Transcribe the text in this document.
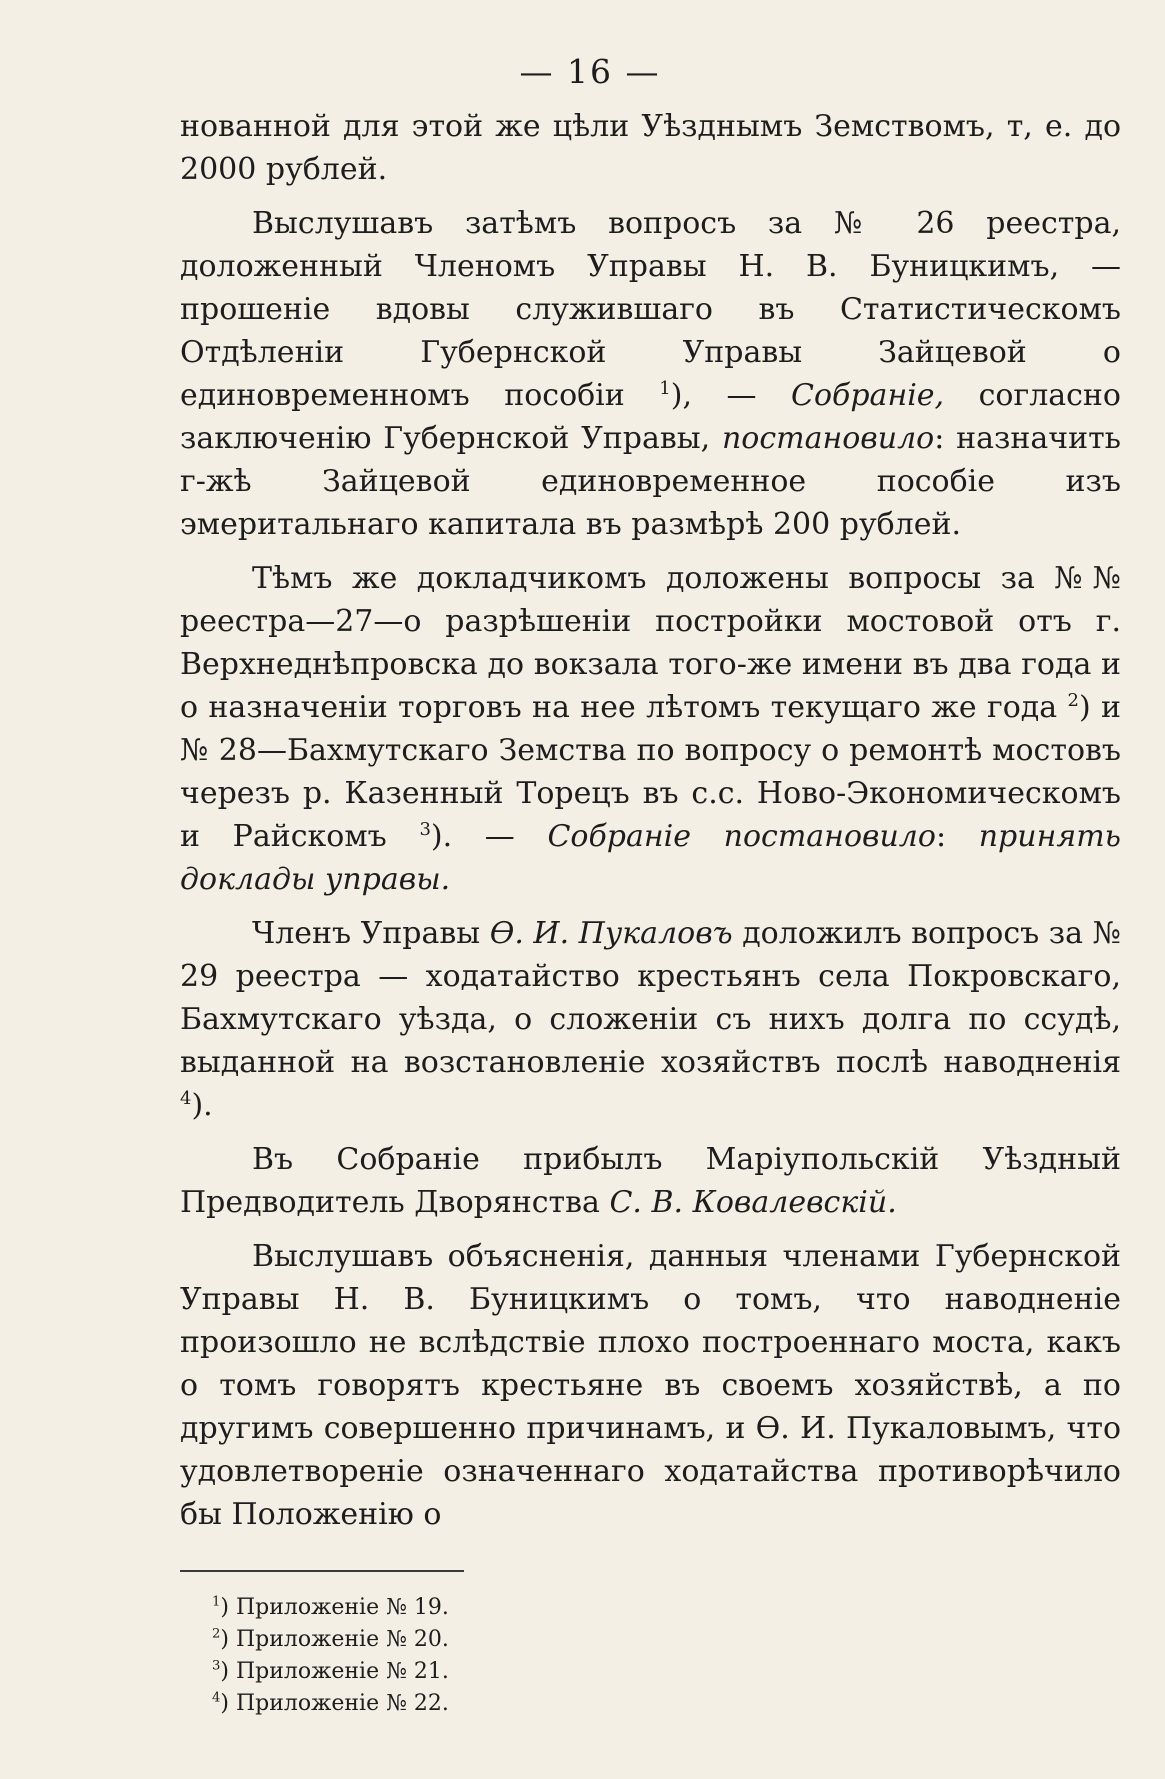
— 16 —

нованной для этой же цѣли Уѣзднымъ Земствомъ, т, е. до 2000 рублей.

Выслушавъ затѣмъ вопросъ за № 26 реестра, доложенный Членомъ Управы Н. В. Буницкимъ, — прошеніе вдовы служившаго въ Статистическомъ Отдѣленіи Губернской Управы Зайцевой о единовременномъ пособіи $^1$), — Собраніе, согласно заключенію Губернской Управы, постановило: назначить г-жѣ Зайцевой единовременное пособіе изъ эмеритальнаго капитала въ размѣрѣ 200 рублей.

Тѣмъ же докладчикомъ доложены вопросы за №№ реестра—27—о разрѣшеніи постройки мостовой отъ г. Верхнеднѣпровска до вокзала того-же имени въ два года и о назначеніи торговъ на нее лѣтомъ текущаго же года $^2$) и № 28—Бахмутскаго Земства по вопросу о ремонтѣ мостовъ черезъ р. Казенный Торецъ въ с.с. Ново-Экономическомъ и Райскомъ $^3$). — Собраніе постановило: принять доклады управы.

Членъ Управы Ѳ. И. Пукаловъ доложилъ вопросъ за № 29 реестра — ходатайство крестьянъ села Покровскаго, Бахмутскаго уѣзда, о сложеніи съ нихъ долга по ссудѣ, выданной на возстановленіе хозяйствъ послѣ наводненія $^4$).

Въ Собраніе прибылъ Маріупольскій Уѣздный Предводитель Дворянства С. В. Ковалевскій.

Выслушавъ объясненія, данныя членами Губернской Управы Н. В. Буницкимъ о томъ, что наводненіе произошло не вслѣдствіе плохо построеннаго моста, какъ о томъ говорятъ крестьяне въ своемъ хозяйствѣ, а по другимъ совершенно причинамъ, и Ѳ. И. Пукаловымъ, что удовлетвореніе означеннаго ходатайства противорѣчило бы Положенію о

$^1$) Приложеніе № 19.
$^2$) Приложеніе № 20.
$^3$) Приложеніе № 21.
$^4$) Приложеніе № 22.
